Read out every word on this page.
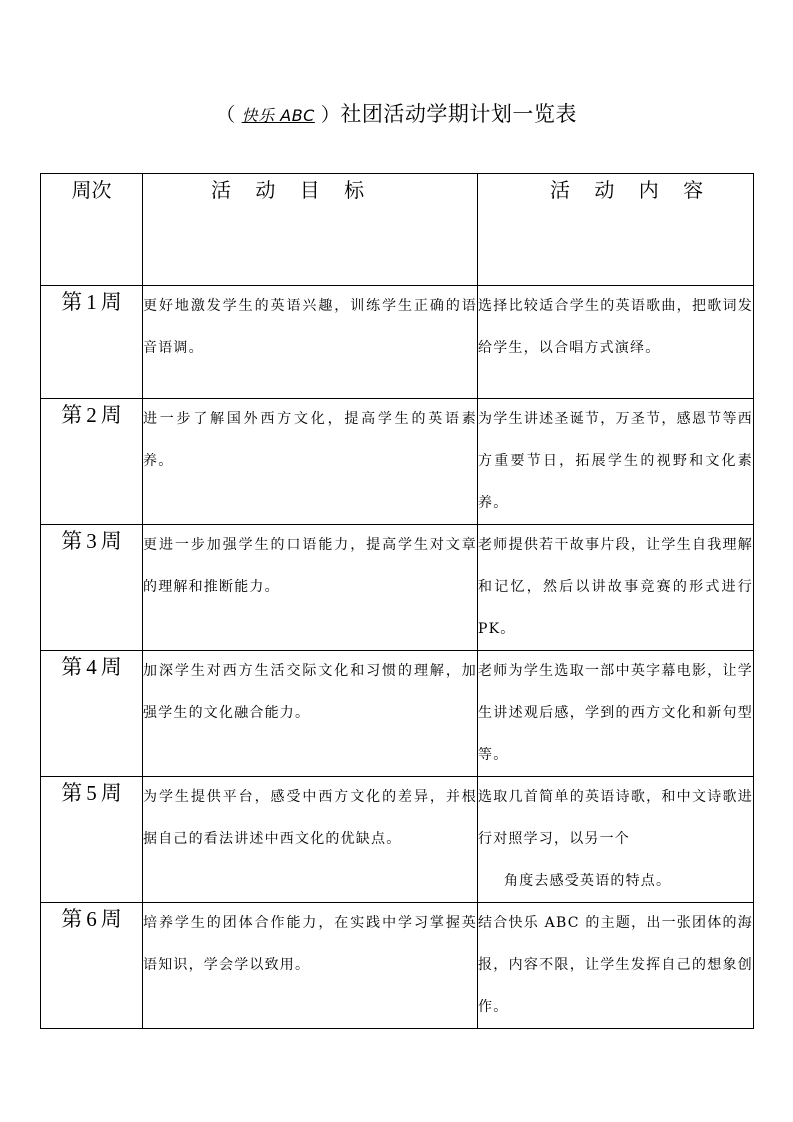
（ 快乐 ABC ）社团活动学期计划一览表
周次	活 动 目 标	活 动 内 容
第 1 周	更好地激发学生的英语兴趣，训练学生正确的语音语调。	选择比较适合学生的英语歌曲，把歌词发给学生，以合唱方式演绎。

第 2 周	进一步了解国外西方文化，提高学生的英语素养。	为学生讲述圣诞节，万圣节，感恩节等西方重要节日，拓展学生的视野和文化素养。

第 3 周	更进一步加强学生的口语能力，提高学生对文章的理解和推断能力。	老师提供若干故事片段，让学生自我理解和记忆，然后以讲故事竞赛的形式进行 PK。

第 4 周	加深学生对西方生活交际文化和习惯的理解，加强学生的文化融合能力。	老师为学生选取一部中英字幕电影，让学生讲述观后感，学到的西方文化和新句型等。

第 5 周	为学生提供平台，感受中西方文化的差异，并根据自己的看法讲述中西文化的优缺点。	选取几首简单的英语诗歌，和中文诗歌进行对照学习，以另一个
角度去感受英语的特点。

第 6 周	培养学生的团体合作能力，在实践中学习掌握英语知识，学会学以致用。	结合快乐 ABC 的主题，出一张团体的海报，内容不限，让学生发挥自己的想象创作。
